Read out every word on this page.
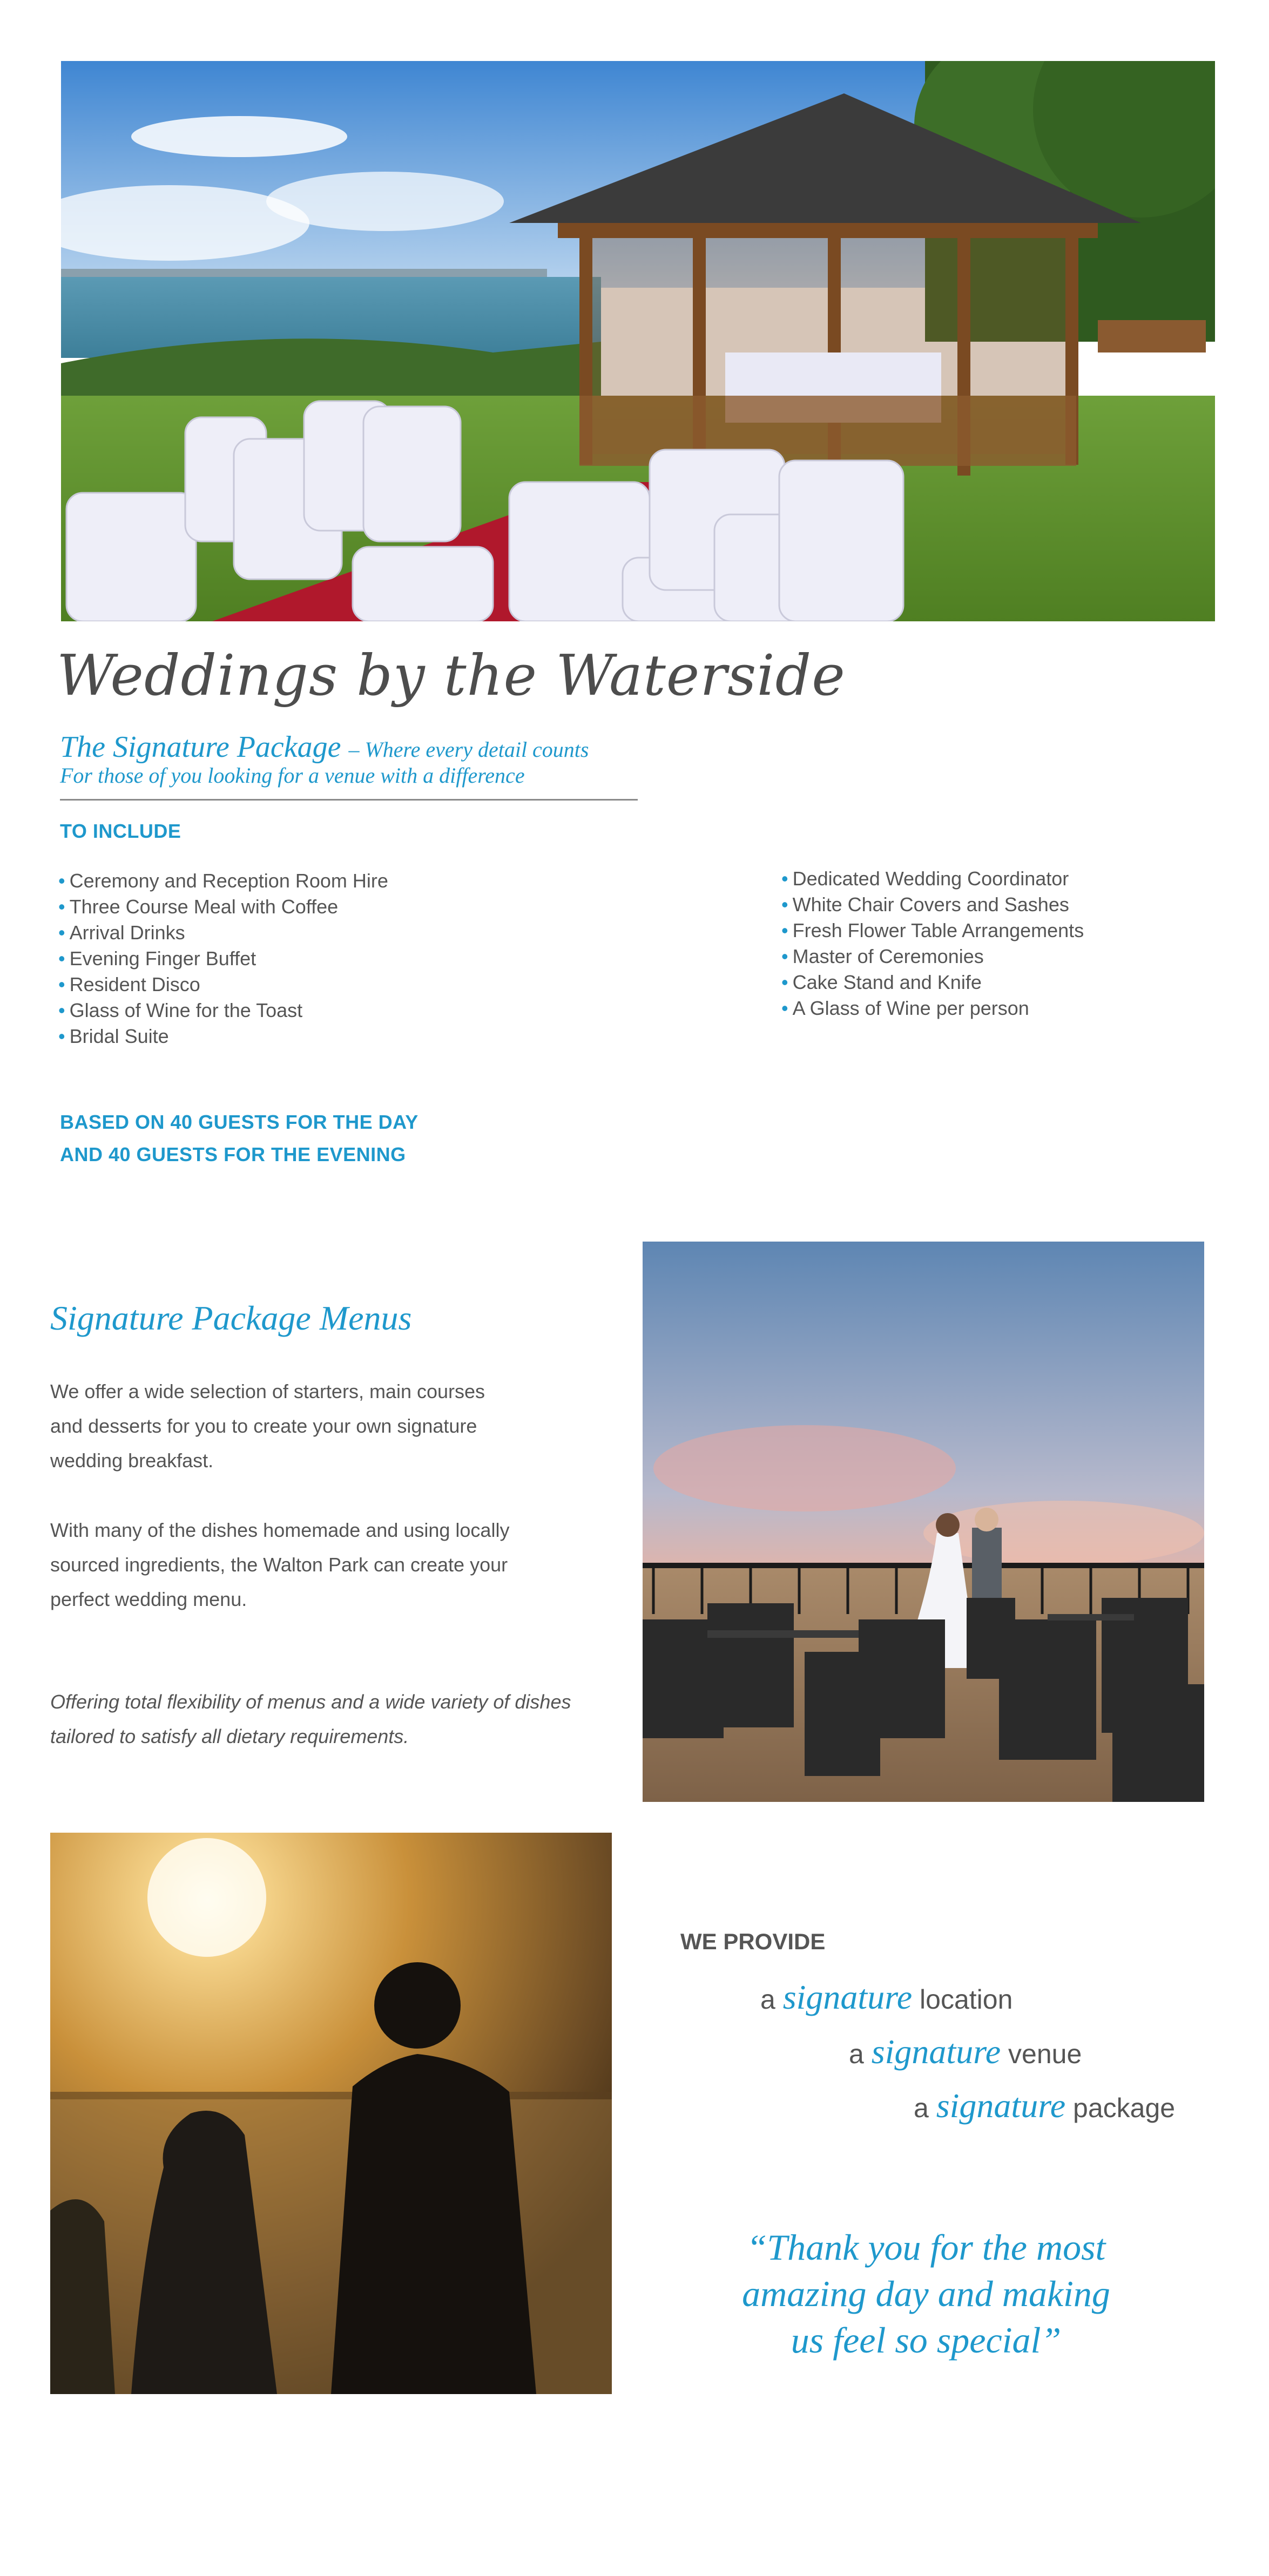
Weddings by the Waterside
The Signature Package – Where every detail counts
For those of you looking for a venue with a difference
TO INCLUDE
• Ceremony and Reception Room Hire
• Three Course Meal with Coffee
• Arrival Drinks
• Evening Finger Buffet
• Resident Disco
• Glass of Wine for the Toast
• Bridal Suite
• Dedicated Wedding Coordinator
• White Chair Covers and Sashes
• Fresh Flower Table Arrangements
• Master of Ceremonies
• Cake Stand and Knife
• A Glass of Wine per person
BASED ON 40 GUESTS FOR THE DAY
AND 40 GUESTS FOR THE EVENING
Signature Package Menus
We offer a wide selection of starters, main courses
and desserts for you to create your own signature
wedding breakfast.
With many of the dishes homemade and using locally
sourced ingredients, the Walton Park can create your
perfect wedding menu.
Offering total flexibility of menus and a wide variety of dishes
tailored to satisfy all dietary requirements.
WE PROVIDE
a signature location
a signature venue
a signature package
“Thank you for the most
amazing day and making
us feel so special”
